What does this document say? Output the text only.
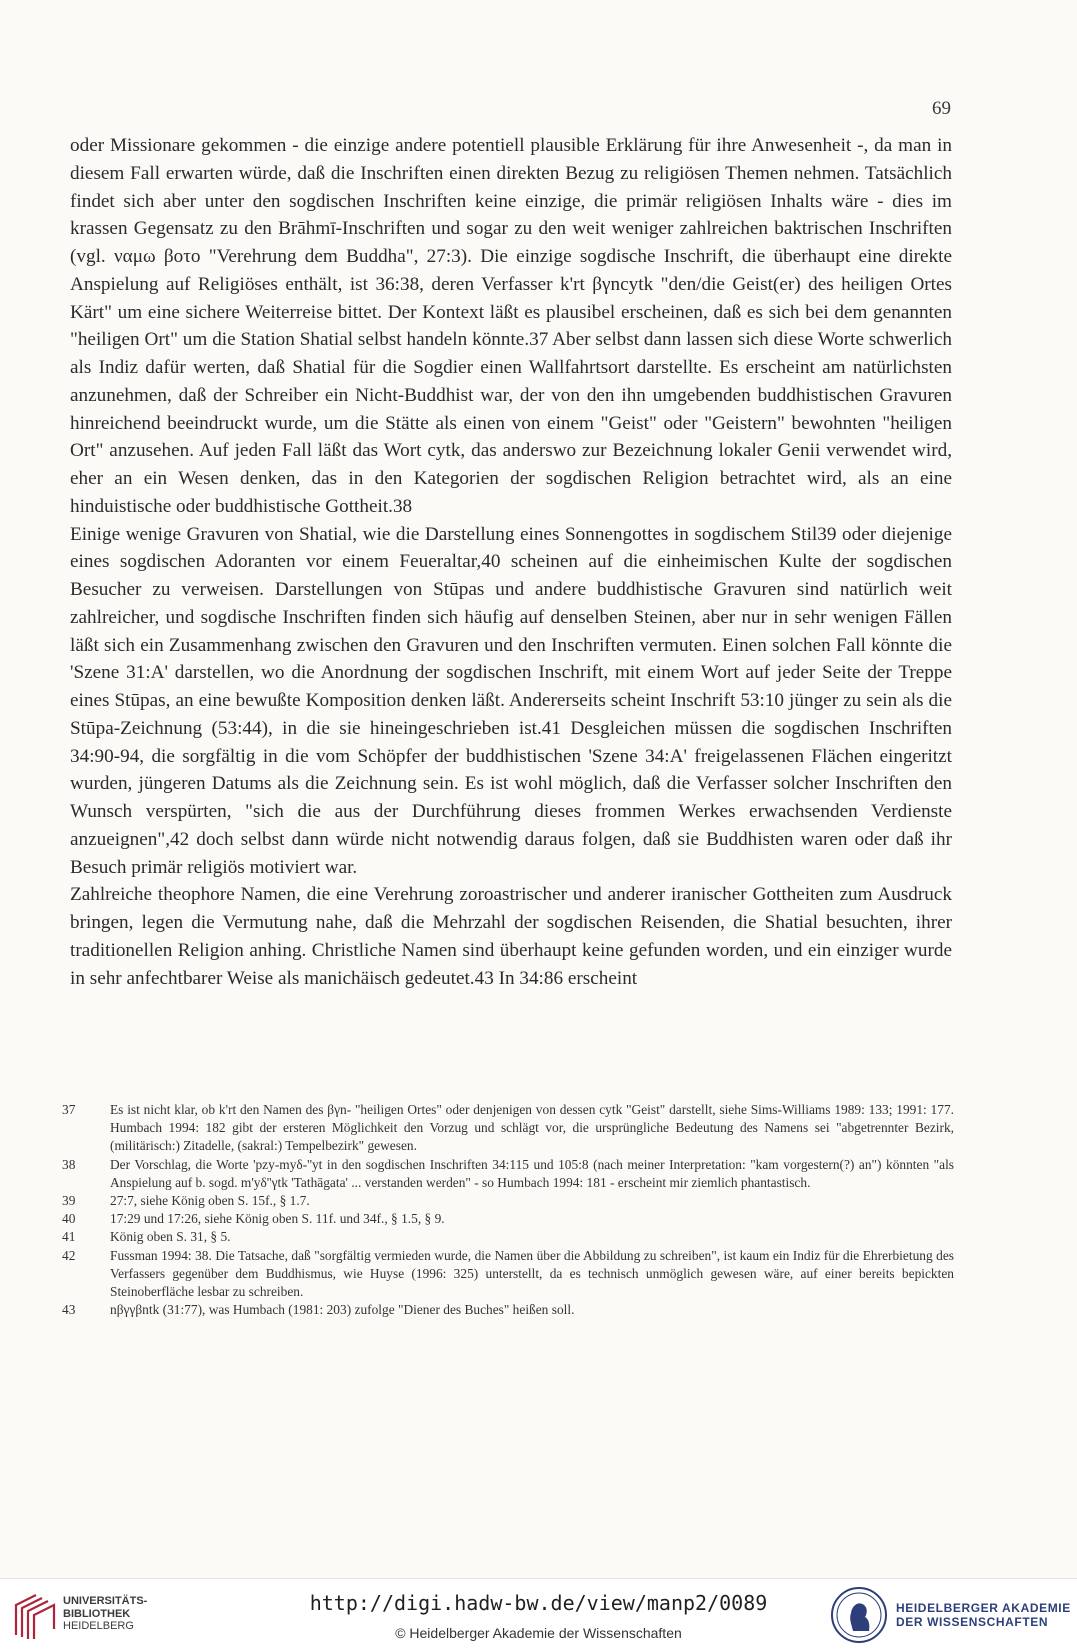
69

oder Missionare gekommen - die einzige andere potentiell plausible Erklärung für ihre Anwesenheit -, da man in diesem Fall erwarten würde, daß die Inschriften einen direkten Bezug zu religiösen Themen nehmen. Tatsächlich findet sich aber unter den sogdischen Inschriften keine einzige, die primär religiösen Inhalts wäre - dies im krassen Gegensatz zu den Brāhmī-Inschriften und sogar zu den weit weniger zahlreichen baktrischen Inschriften (vgl. ναμω βοτο "Verehrung dem Buddha", 27:3). Die einzige sogdische Inschrift, die überhaupt eine direkte Anspielung auf Religiöses enthält, ist 36:38, deren Verfasser k'rt βγncytk "den/die Geist(er) des heiligen Ortes Kärt" um eine sichere Weiterreise bittet. Der Kontext läßt es plausibel erscheinen, daß es sich bei dem genannten "heiligen Ort" um die Station Shatial selbst handeln könnte.37 Aber selbst dann lassen sich diese Worte schwerlich als Indiz dafür werten, daß Shatial für die Sogdier einen Wallfahrtsort darstellte. Es erscheint am natürlichsten anzunehmen, daß der Schreiber ein Nicht-Buddhist war, der von den ihn umgebenden buddhistischen Gravuren hinreichend beeindruckt wurde, um die Stätte als einen von einem "Geist" oder "Geistern" bewohnten "heiligen Ort" anzusehen. Auf jeden Fall läßt das Wort cytk, das anderswo zur Bezeichnung lokaler Genii verwendet wird, eher an ein Wesen denken, das in den Kategorien der sogdischen Religion betrachtet wird, als an eine hinduistische oder buddhistische Gottheit.38

Einige wenige Gravuren von Shatial, wie die Darstellung eines Sonnengottes in sogdischem Stil39 oder diejenige eines sogdischen Adoranten vor einem Feueraltar,40 scheinen auf die einheimischen Kulte der sogdischen Besucher zu verweisen. Darstellungen von Stūpas und andere buddhistische Gravuren sind natürlich weit zahlreicher, und sogdische Inschriften finden sich häufig auf denselben Steinen, aber nur in sehr wenigen Fällen läßt sich ein Zusammenhang zwischen den Gravuren und den Inschriften vermuten. Einen solchen Fall könnte die 'Szene 31:A' darstellen, wo die Anordnung der sogdischen Inschrift, mit einem Wort auf jeder Seite der Treppe eines Stūpas, an eine bewußte Komposition denken läßt. Andererseits scheint Inschrift 53:10 jünger zu sein als die Stūpa-Zeichnung (53:44), in die sie hineingeschrieben ist.41 Desgleichen müssen die sogdischen Inschriften 34:90-94, die sorgfältig in die vom Schöpfer der buddhistischen 'Szene 34:A' freigelassenen Flächen eingeritzt wurden, jüngeren Datums als die Zeichnung sein. Es ist wohl möglich, daß die Verfasser solcher Inschriften den Wunsch verspürten, "sich die aus der Durchführung dieses frommen Werkes erwachsenden Verdienste anzueignen",42 doch selbst dann würde nicht notwendig daraus folgen, daß sie Buddhisten waren oder daß ihr Besuch primär religiös motiviert war.

Zahlreiche theophore Namen, die eine Verehrung zoroastrischer und anderer iranischer Gottheiten zum Ausdruck bringen, legen die Vermutung nahe, daß die Mehrzahl der sogdischen Reisenden, die Shatial besuchten, ihrer traditionellen Religion anhing. Christliche Namen sind überhaupt keine gefunden worden, und ein einziger wurde in sehr anfechtbarer Weise als manichäisch gedeutet.43 In 34:86 erscheint

37	Es ist nicht klar, ob k'rt den Namen des βγn- "heiligen Ortes" oder denjenigen von dessen cytk "Geist" darstellt, siehe Sims-Williams 1989: 133; 1991: 177. Humbach 1994: 182 gibt der ersteren Möglichkeit den Vorzug und schlägt vor, die ursprüngliche Bedeutung des Namens sei "abgetrennter Bezirk, (militärisch:) Zitadelle, (sakral:) Tempelbezirk" gewesen.
38	Der Vorschlag, die Worte 'pzy-myδ-''yt in den sogdischen Inschriften 34:115 und 105:8 (nach meiner Interpretation: "kam vorgestern(?) an") könnten "als Anspielung auf b. sogd. m'yδ''γtk 'Tathāgata' ... verstanden werden" - so Humbach 1994: 181 - erscheint mir ziemlich phantastisch.
39	27:7, siehe König oben S. 15f., § 1.7.
40	17:29 und 17:26, siehe König oben S. 11f. und 34f., § 1.5, § 9.
41	König oben S. 31, § 5.
42	Fussman 1994: 38. Die Tatsache, daß "sorgfältig vermieden wurde, die Namen über die Abbildung zu schreiben", ist kaum ein Indiz für die Ehrerbietung des Verfassers gegenüber dem Buddhismus, wie Huyse (1996: 325) unterstellt, da es technisch unmöglich gewesen wäre, auf einer bereits bepickten Steinoberfläche lesbar zu schreiben.
43	nβγγβntk (31:77), was Humbach (1981: 203) zufolge "Diener des Buches" heißen soll.
UNIVERSITÄTS-
BIBLIOTHEK
HEIDELBERG
http://digi.hadw-bw.de/view/manp2/0089
© Heidelberger Akademie der Wissenschaften
HEIDELBERGER AKADEMIE
DER WISSENSCHAFTEN
